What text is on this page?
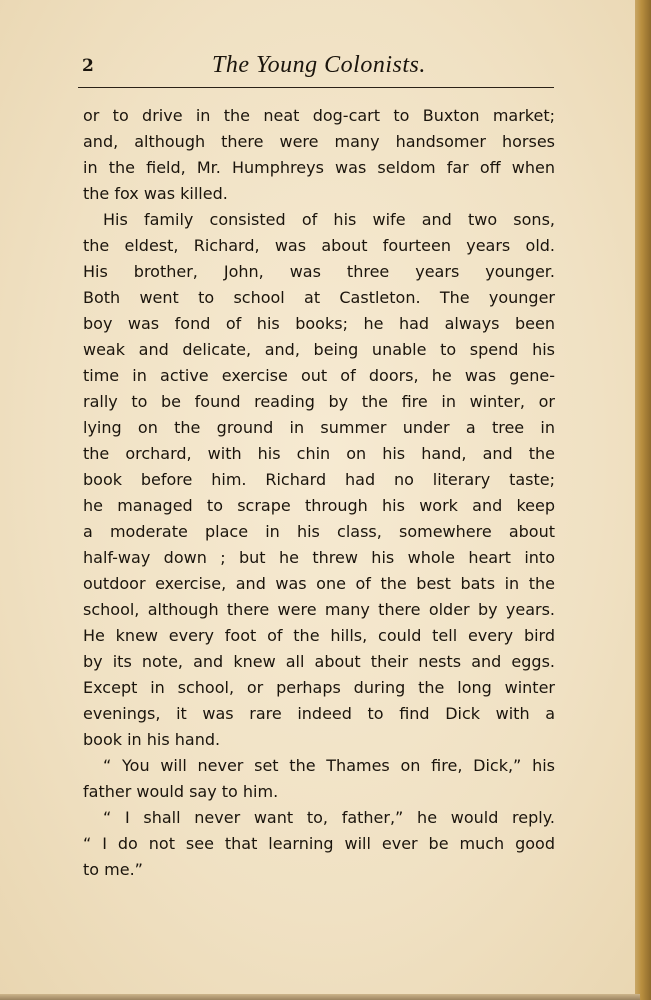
2	The Young Colonists.
or to drive in the neat dog-cart to Buxton market;
and, although there were many handsomer horses
in the field, Mr. Humphreys was seldom far off when
the fox was killed.
His family consisted of his wife and two sons,
the eldest, Richard, was about fourteen years old.
His brother, John, was three years younger.
Both went to school at Castleton. The younger
boy was fond of his books; he had always been
weak and delicate, and, being unable to spend his
time in active exercise out of doors, he was gene-
rally to be found reading by the fire in winter, or
lying on the ground in summer under a tree in
the orchard, with his chin on his hand, and the
book before him. Richard had no literary taste;
he managed to scrape through his work and keep
a moderate place in his class, somewhere about
half-way down ; but he threw his whole heart into
outdoor exercise, and was one of the best bats in the
school, although there were many there older by years.
He knew every foot of the hills, could tell every bird
by its note, and knew all about their nests and eggs.
Except in school, or perhaps during the long winter
evenings, it was rare indeed to find Dick with a
book in his hand.
“ You will never set the Thames on fire, Dick,” his
father would say to him.
“ I shall never want to, father,” he would reply.
“ I do not see that learning will ever be much good
to me.”
